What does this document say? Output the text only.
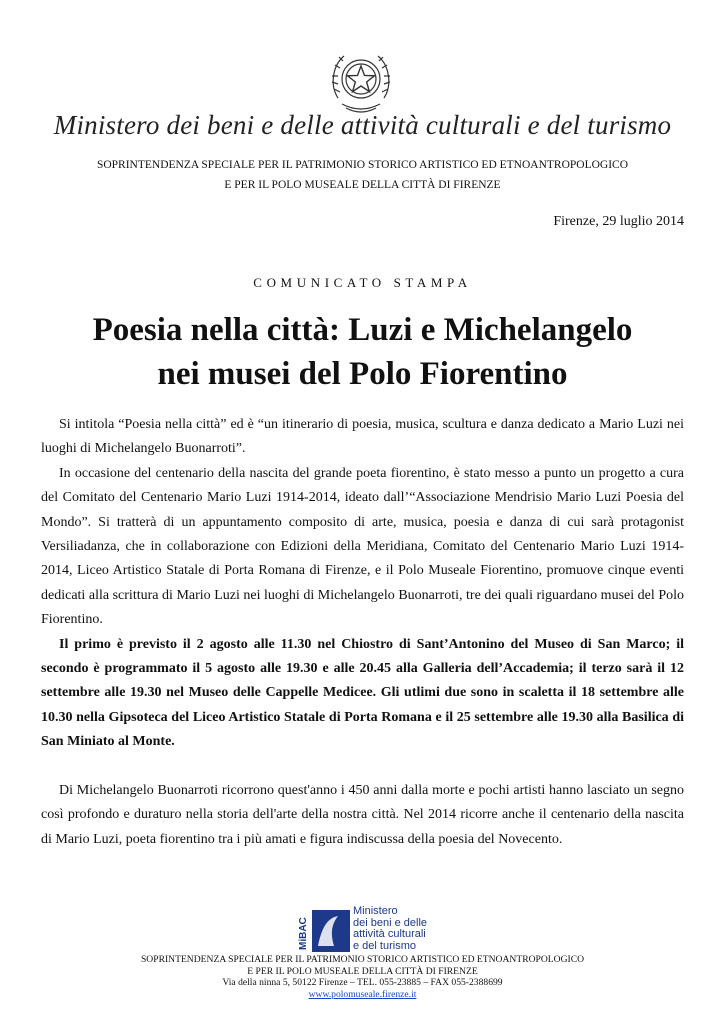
Ministero dei beni e delle attività culturali e del turismo
SOPRINTENDENZA SPECIALE PER IL PATRIMONIO STORICO ARTISTICO ED ETNOANTROPOLOGICO
E PER IL POLO MUSEALE DELLA CITTÀ DI FIRENZE
Firenze, 29 luglio 2014
COMUNICATO STAMPA
Poesia nella città: Luzi e Michelangelo
nei musei del Polo Fiorentino

Si intitola “Poesia nella città” ed è “un itinerario di poesia, musica, scultura e danza dedicato a Mario Luzi nei luoghi di Michelangelo Buonarroti”.

In occasione del centenario della nascita del grande poeta fiorentino, è stato messo a punto un progetto a cura del Comitato del Centenario Mario Luzi 1914-2014, ideato dall’“Associazione Mendrisio Mario Luzi Poesia del Mondo”. Si tratterà di un appuntamento composito di arte, musica, poesia e danza di cui sarà protagonist Versiliadanza, che in collaborazione con Edizioni della Meridiana, Comitato del Centenario Mario Luzi 1914-2014, Liceo Artistico Statale di Porta Romana di Firenze, e il Polo Museale Fiorentino, promuove cinque eventi dedicati alla scrittura di Mario Luzi nei luoghi di Michelangelo Buonarroti, tre dei quali riguardano musei del Polo Fiorentino.

Il primo è previsto il 2 agosto alle 11.30 nel Chiostro di Sant’Antonino del Museo di San Marco; il secondo è programmato il 5 agosto alle 19.30 e alle 20.45 alla Galleria dell’Accademia; il terzo sarà il 12 settembre alle 19.30 nel Museo delle Cappelle Medicee. Gli utlimi due sono in scaletta il 18 settembre alle 10.30 nella Gipsoteca del Liceo Artistico Statale di Porta Romana e il 25 settembre alle 19.30 alla Basilica di San Miniato al Monte.

Di Michelangelo Buonarroti ricorrono quest'anno i 450 anni dalla morte e pochi artisti hanno lasciato un segno così profondo e duraturo nella storia dell'arte della nostra città. Nel 2014 ricorre anche il centenario della nascita di Mario Luzi, poeta fiorentino tra i più amati e figura indiscussa della poesia del Novecento.

MiBAC
Ministero
dei beni e delle
attività culturali
e del turismo
SOPRINTENDENZA SPECIALE PER IL PATRIMONIO STORICO ARTISTICO ED ETNOANTROPOLOGICO
E PER IL POLO MUSEALE DELLA CITTÀ DI FIRENZE
Via della ninna 5, 50122 Firenze – TEL. 055-23885 – FAX 055-2388699
www.polomuseale.firenze.it
